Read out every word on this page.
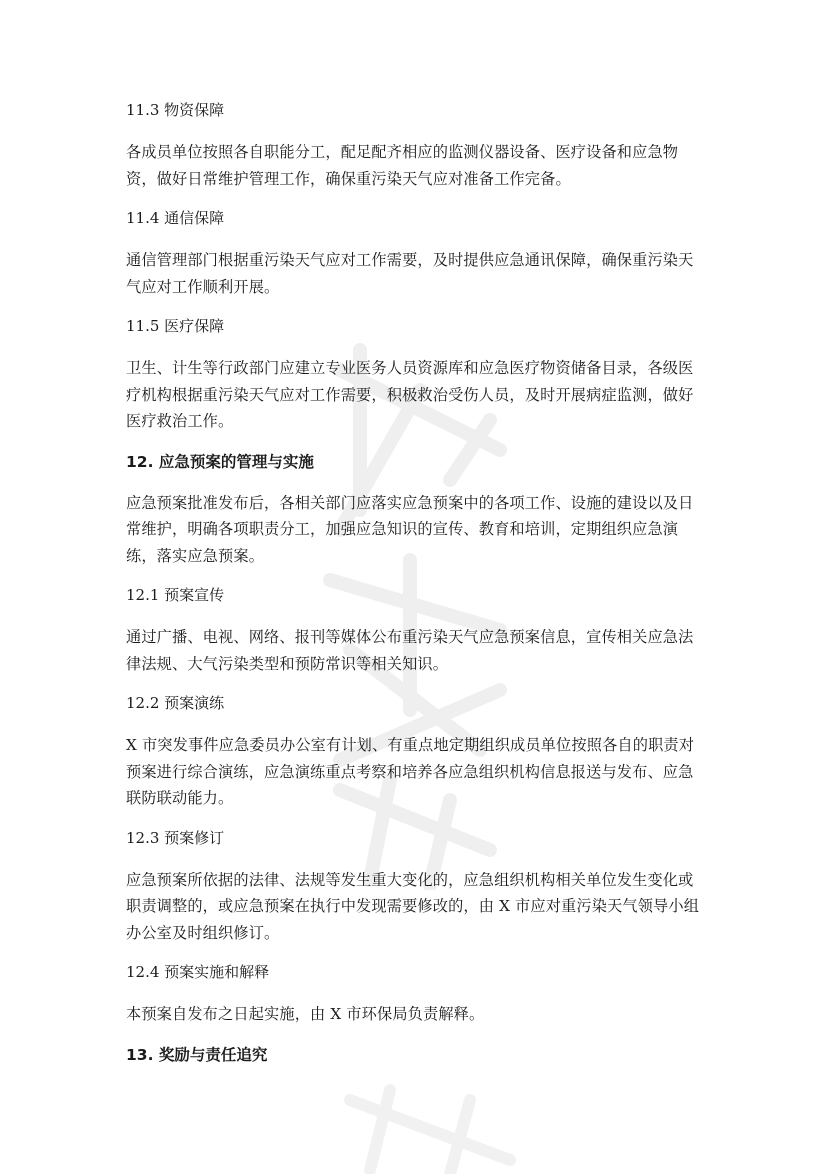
11.3 物资保障
各成员单位按照各自职能分工，配足配齐相应的监测仪器设备、医疗设备和应急物资，做好日常维护管理工作，确保重污染天气应对准备工作完备。
11.4 通信保障
通信管理部门根据重污染天气应对工作需要，及时提供应急通讯保障，确保重污染天气应对工作顺利开展。
11.5 医疗保障
卫生、计生等行政部门应建立专业医务人员资源库和应急医疗物资储备目录，各级医疗机构根据重污染天气应对工作需要，积极救治受伤人员，及时开展病症监测，做好医疗救治工作。
12. 应急预案的管理与实施
应急预案批准发布后，各相关部门应落实应急预案中的各项工作、设施的建设以及日常维护，明确各项职责分工，加强应急知识的宣传、教育和培训，定期组织应急演练，落实应急预案。
12.1 预案宣传
通过广播、电视、网络、报刊等媒体公布重污染天气应急预案信息，宣传相关应急法律法规、大气污染类型和预防常识等相关知识。
12.2 预案演练
X 市突发事件应急委员办公室有计划、有重点地定期组织成员单位按照各自的职责对预案进行综合演练，应急演练重点考察和培养各应急组织机构信息报送与发布、应急联防联动能力。
12.3 预案修订
应急预案所依据的法律、法规等发生重大变化的，应急组织机构相关单位发生变化或职责调整的，或应急预案在执行中发现需要修改的，由 X 市应对重污染天气领导小组办公室及时组织修订。
12.4 预案实施和解释
本预案自发布之日起实施，由 X 市环保局负责解释。
13. 奖励与责任追究
